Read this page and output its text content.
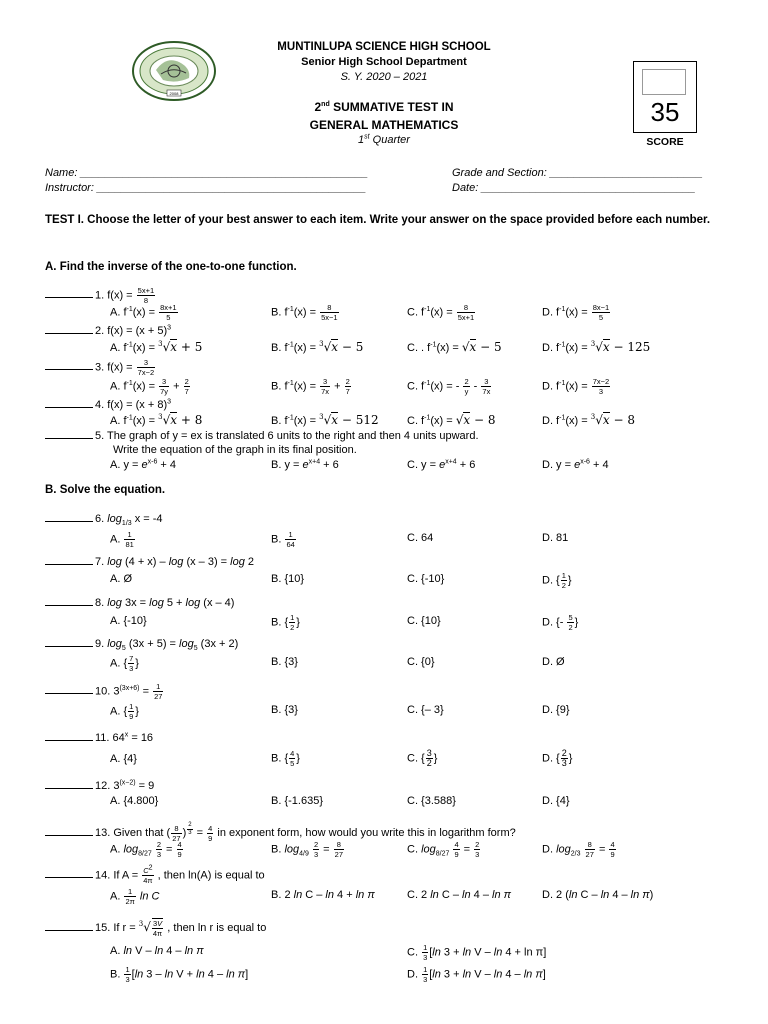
2008
MUNTINLUPA SCIENCE HIGH SCHOOL
Senior High School Department
S. Y. 2020 – 2021
2nd SUMMATIVE TEST IN
GENERAL MATHEMATICS
1st Quarter
35
SCORE
Name: _______________________________________________
Instructor: ____________________________________________
Grade and Section: _________________________
Date: ___________________________________
TEST I. Choose the letter of your best answer to each item. Write your answer on the space provided before each number.
A. Find the inverse of the one-to-one function.
1. $f(x) = \frac{5x+1}{8}$
A. $f^{-1}(x) = \frac{8x+1}{5}$	B. $f^{-1}(x) = \frac{8}{5x-1}$	C. $f^{-1}(x) = \frac{8}{5x+1}$	D. $f^{-1}(x) = \frac{8x-1}{5}$
2. $f(x) = (x + 5)^3$
A. $f^{-1}(x) = ^3√x + 5$	B. $f^{-1}(x) = ^3√x - 5$	C. . $f^{-1}(x) = √x - 5$	D. $f^{-1}(x) = ^3√x - 125$
3. $f(x) = \frac{3}{7x-2}$
A. $f^{-1}(x) = \frac{3}{7y} + \frac{2}{7}$	B. $f^{-1}(x) = \frac{3}{7x} + \frac{2}{7}$	C. $f^{-1}(x)$ = - $\frac{2}{y} - \frac{3}{7x}$	D. $f^{-1}(x) = \frac{7x-2}{3}$
4. $f(x) = (x + 8)^3$
A. $f^{-1}(x) = ^3√x + 8$	B. $f^{-1}(x) = ^3√x - 512$	C. $f^{-1}(x) = √x - 8$	D. $f^{-1}(x) = ^3√x - 8$
5. The graph of y = ex is translated 6 units to the right and then 4 units upward.
Write the equation of the graph in its final position.
A. $y = e^{x-6} + 4$	B. $y = e^{x+4} + 6$	C. $y = e^{x+4} + 6$	D. $y = e^{x-6} + 4$
B. Solve the equation.
6. $\log_{1/3} x = -4$
A. $\frac{1}{81}$	B. $\frac{1}{64}$	C. 64	D. 81
7. log (4 + x) – log (x – 3) = log 2
A. Ø	B. {10}	C. {-10}	D. { $\frac{1}{2}$ }
8. log 3x = log 5 + log (x – 4)
A. {-10}	B. { $\frac{1}{2}$ }	C. {10}	D. {- $\frac{5}{2}$ }
9. $\log_5 (3x + 5) = \log_5 (3x + 2)$
A. { $\frac{7}{3}$ }	B. {3}	C. {0}	D. Ø
10. $3^{(3x+6)} = \frac{1}{27}$
A. { $\frac{1}{9}$ }	B. {3}	C. {– 3}	D. {9}
11. $64^x = 16$
A. {4}	B. { $\frac{4}{5}$ }	C. { $\frac{3}{2}$ }	D. { $\frac{2}{3}$ }
12. $3^{(x-2)} = 9$
A. {4.800}	B. {-1.635}	C. {3.588}	D. {4}
13. Given that ( $\frac{8}{27}$ ) $^{\frac{2}{3}} = \frac{4}{9}$ in exponent form, how would you write this in logarithm form?
A. $\log_{8/27} \frac{2}{3} = \frac{4}{9}$	B. $\log_{4/9} \frac{2}{3} = \frac{8}{27}$	C. $\log_{8/27} \frac{4}{9} = \frac{2}{3}$	D. $\log_{2/3} \frac{8}{27} = \frac{4}{9}$
14. If $A = \frac{C^2}{4\pi}$ , then ln(A) is equal to
A. $\frac{1}{2\pi}$ ln C	B. 2 ln C – ln 4 + ln π	C. 2 ln C – ln 4 – ln π	D. 2 (ln C – ln 4 – ln π)
15. If $r = ^3√ \frac{3V}{4\pi}$ , then ln r is equal to
A. ln V – ln 4 – ln π	C. $\frac{1}{3} [\ln$ 3 + ln V – ln 4 + ln π]
B. $\frac{1}{3} [\ln$ 3 – ln V + ln 4 – ln π]	D. $\frac{1}{3} [\ln$ 3 + ln V – ln 4 – ln π]
